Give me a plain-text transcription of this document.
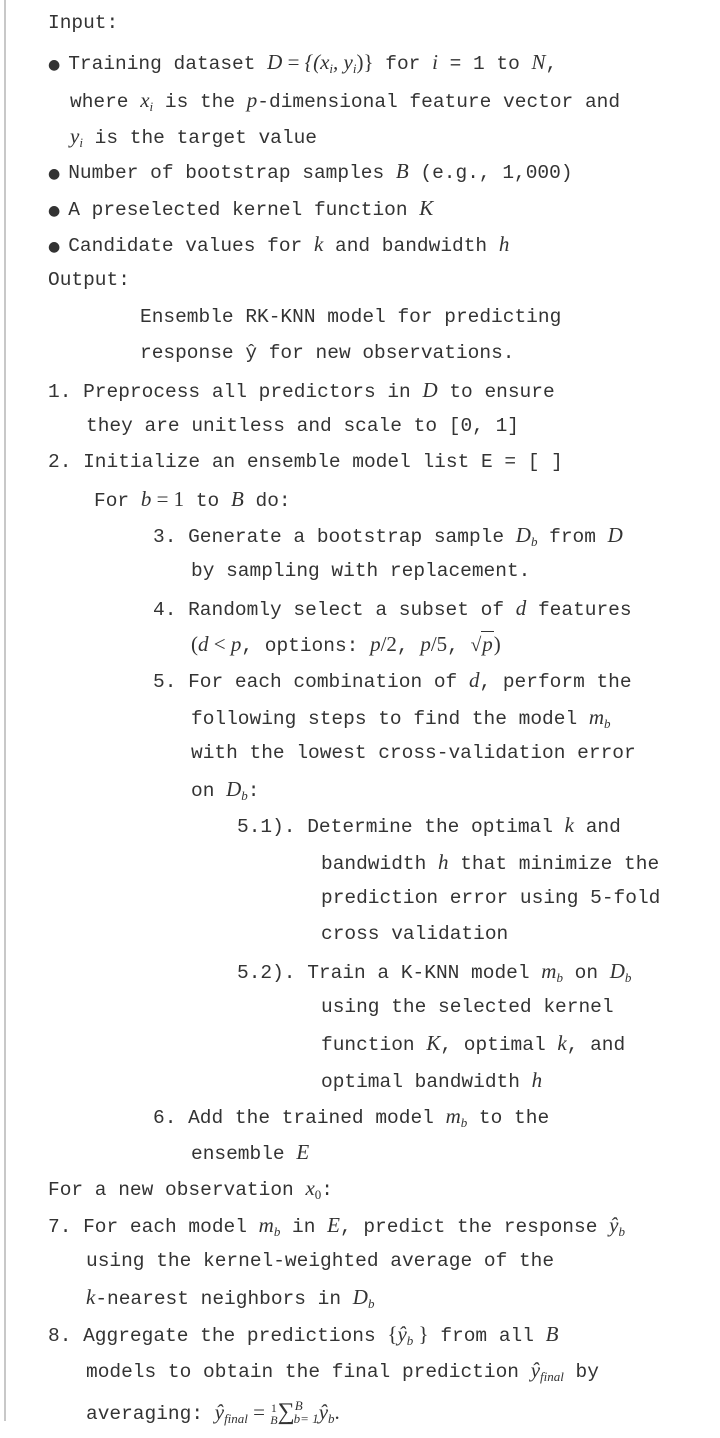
Input:
● Training dataset $D = \{(x_i$, $y_i$)} for i = 1 to N,
where $x_i$ is the p-dimensional feature vector and
$y_i$ is the target value
● Number of bootstrap samples B (e.g., 1,000)
● A preselected kernel function K
● Candidate values for k and bandwidth h
Output:
Ensemble RK-KNN model for predicting
response ŷ for new observations.
1. Preprocess all predictors in D to ensure
they are unitless and scale to [0, 1]
2. Initialize an ensemble model list E = [ ]
For b = 1 to B do:
3. Generate a bootstrap sample $D_b$ from D
by sampling with replacement.
4. Randomly select a subset of d features
(d < p, options: p/2, p/5, √p)
5. For each combination of d, perform the
following steps to find the model $m_b$
with the lowest cross-validation error
on $D_b$:
5.1). Determine the optimal k and
bandwidth h that minimize the
prediction error using 5-fold
cross validation
5.2). Train a K-KNN model $m_b$ on $D_b$
using the selected kernel
function K, optimal k, and
optimal bandwidth h
6. Add the trained model $m_b$ to the
ensemble E
For a new observation $x_0$:
7. For each model $m_b$ in E, predict the response $ŷ_b$
using the kernel-weighted average of the
k-nearest neighbors in $D_b$
8. Aggregate the predictions {$ŷ_b$ } from all B
models to obtain the final prediction $ŷ_{final}$ by
averaging: $ŷ_{final} = 1$
B $\sum^B_{b= 1}ŷ_b$.
